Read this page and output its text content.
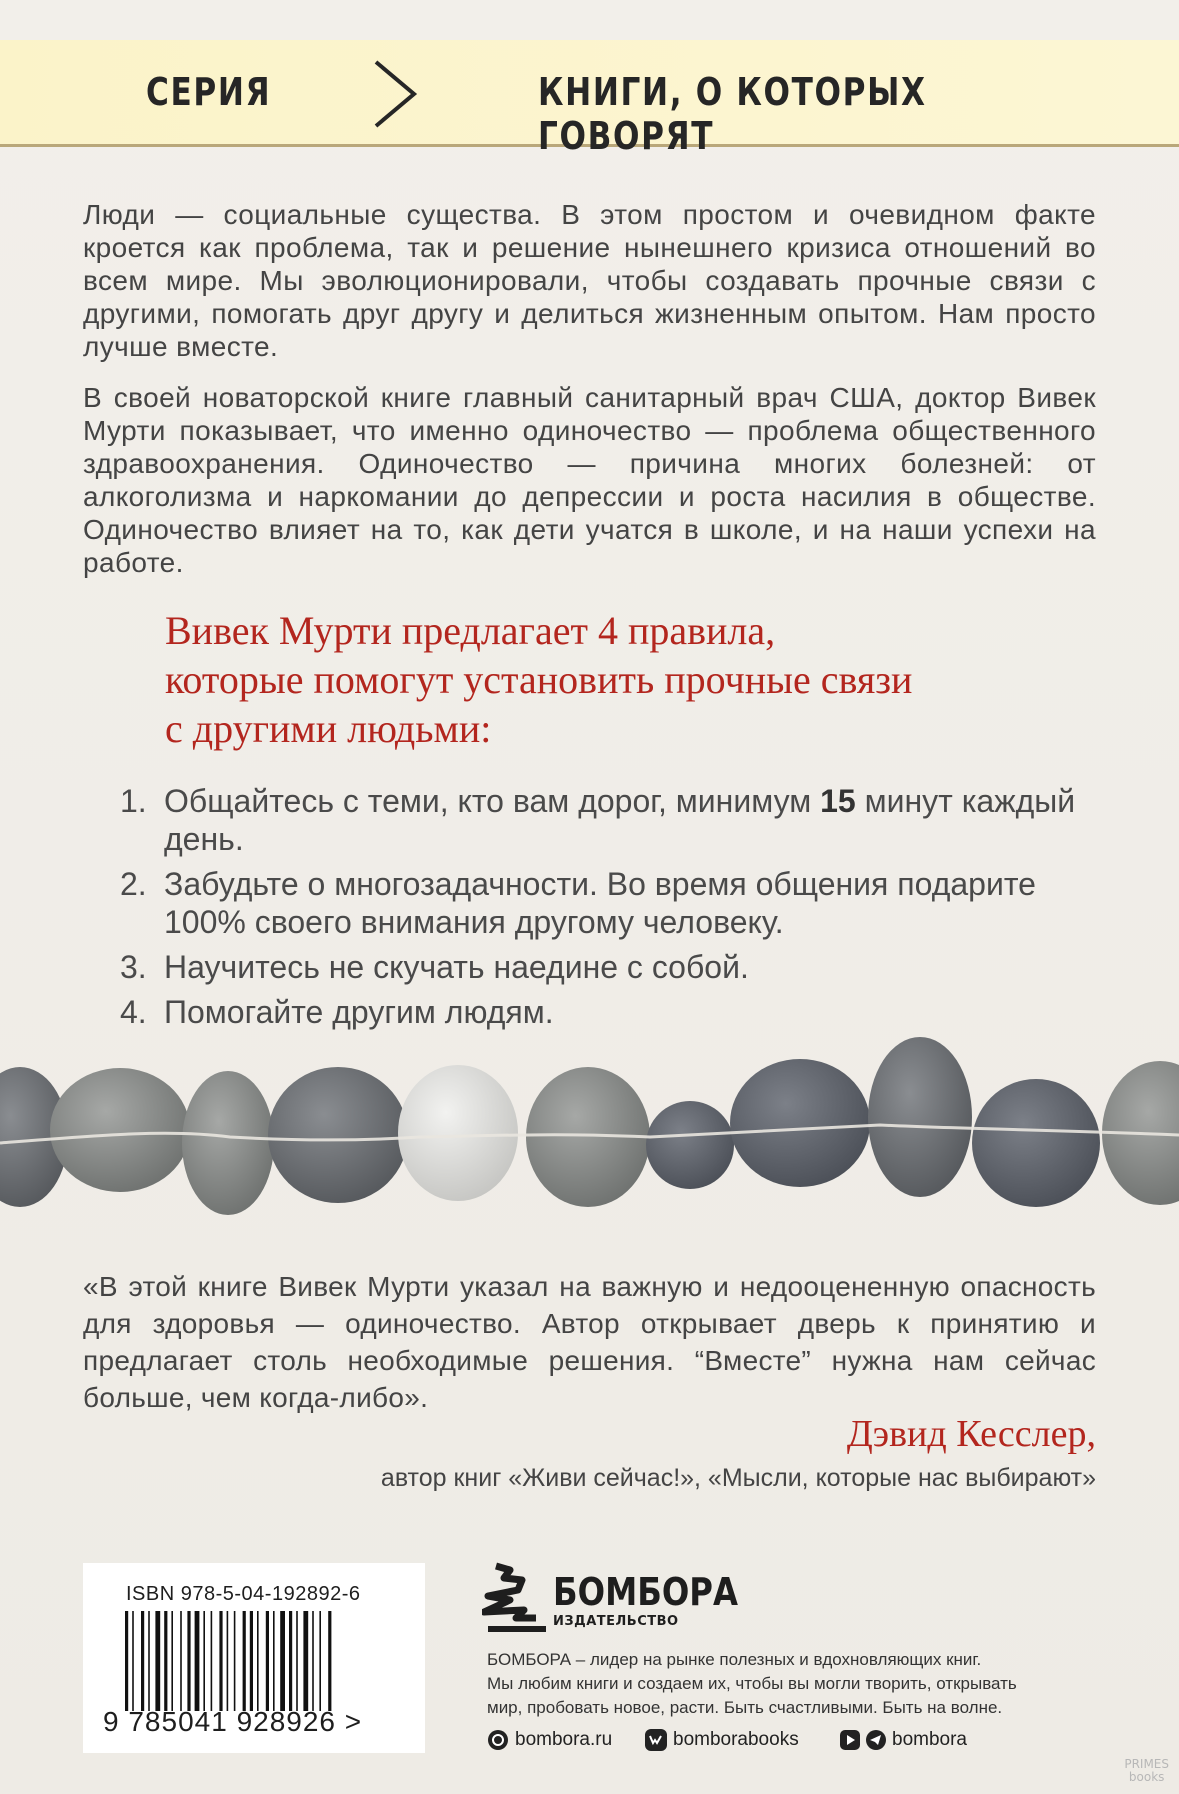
СЕРИЯ	КНИГИ, О КОТОРЫХ ГОВОРЯТ
Люди — социальные существа. В этом простом и очевидном факте кроется как проблема, так и решение нынешнего кризиса отношений во всем мире. Мы эволюционировали, чтобы создавать прочные связи с другими, помогать друг другу и делиться жизненным опытом. Нам просто лучше вместе.
В своей новаторской книге главный санитарный врач США, доктор Вивек Мурти показывает, что именно одиночество — проблема общественного здравоохранения. Одиночество — причина многих болезней: от алкоголизма и наркомании до депрессии и роста насилия в обществе. Одиночество влияет на то, как дети учатся в школе, и на наши успехи на работе.
Вивек Мурти предлагает 4 правила,
которые помогут установить прочные связи
с другими людьми:
1. Общайтесь с теми, кто вам дорог, минимум 15 минут каждый день.
2. Забудьте о многозадачности. Во время общения подарите 100% своего внимания другому человеку.
3. Научитесь не скучать наедине с собой.
4. Помогайте другим людям.
«В этой книге Вивек Мурти указал на важную и недооцененную опасность для здоровья — одиночество. Автор открывает дверь к принятию и предлагает столь необходимые решения. “Вместе” нужна нам сейчас больше, чем когда-либо».
Дэвид Кесслер,
автор книг «Живи сейчас!», «Мысли, которые нас выбирают»
ISBN 978-5-04-192892-6
9 785041 928926 >
БОМБОРА
ИЗДАТЕЛЬСТВО
БОМБОРА – лидер на рынке полезных и вдохновляющих книг.
Мы любим книги и создаем их, чтобы вы могли творить, открывать
мир, пробовать новое, расти. Быть счастливыми. Быть на волне.
bombora.ru	bomborabooks	bombora
PRIMES
books
